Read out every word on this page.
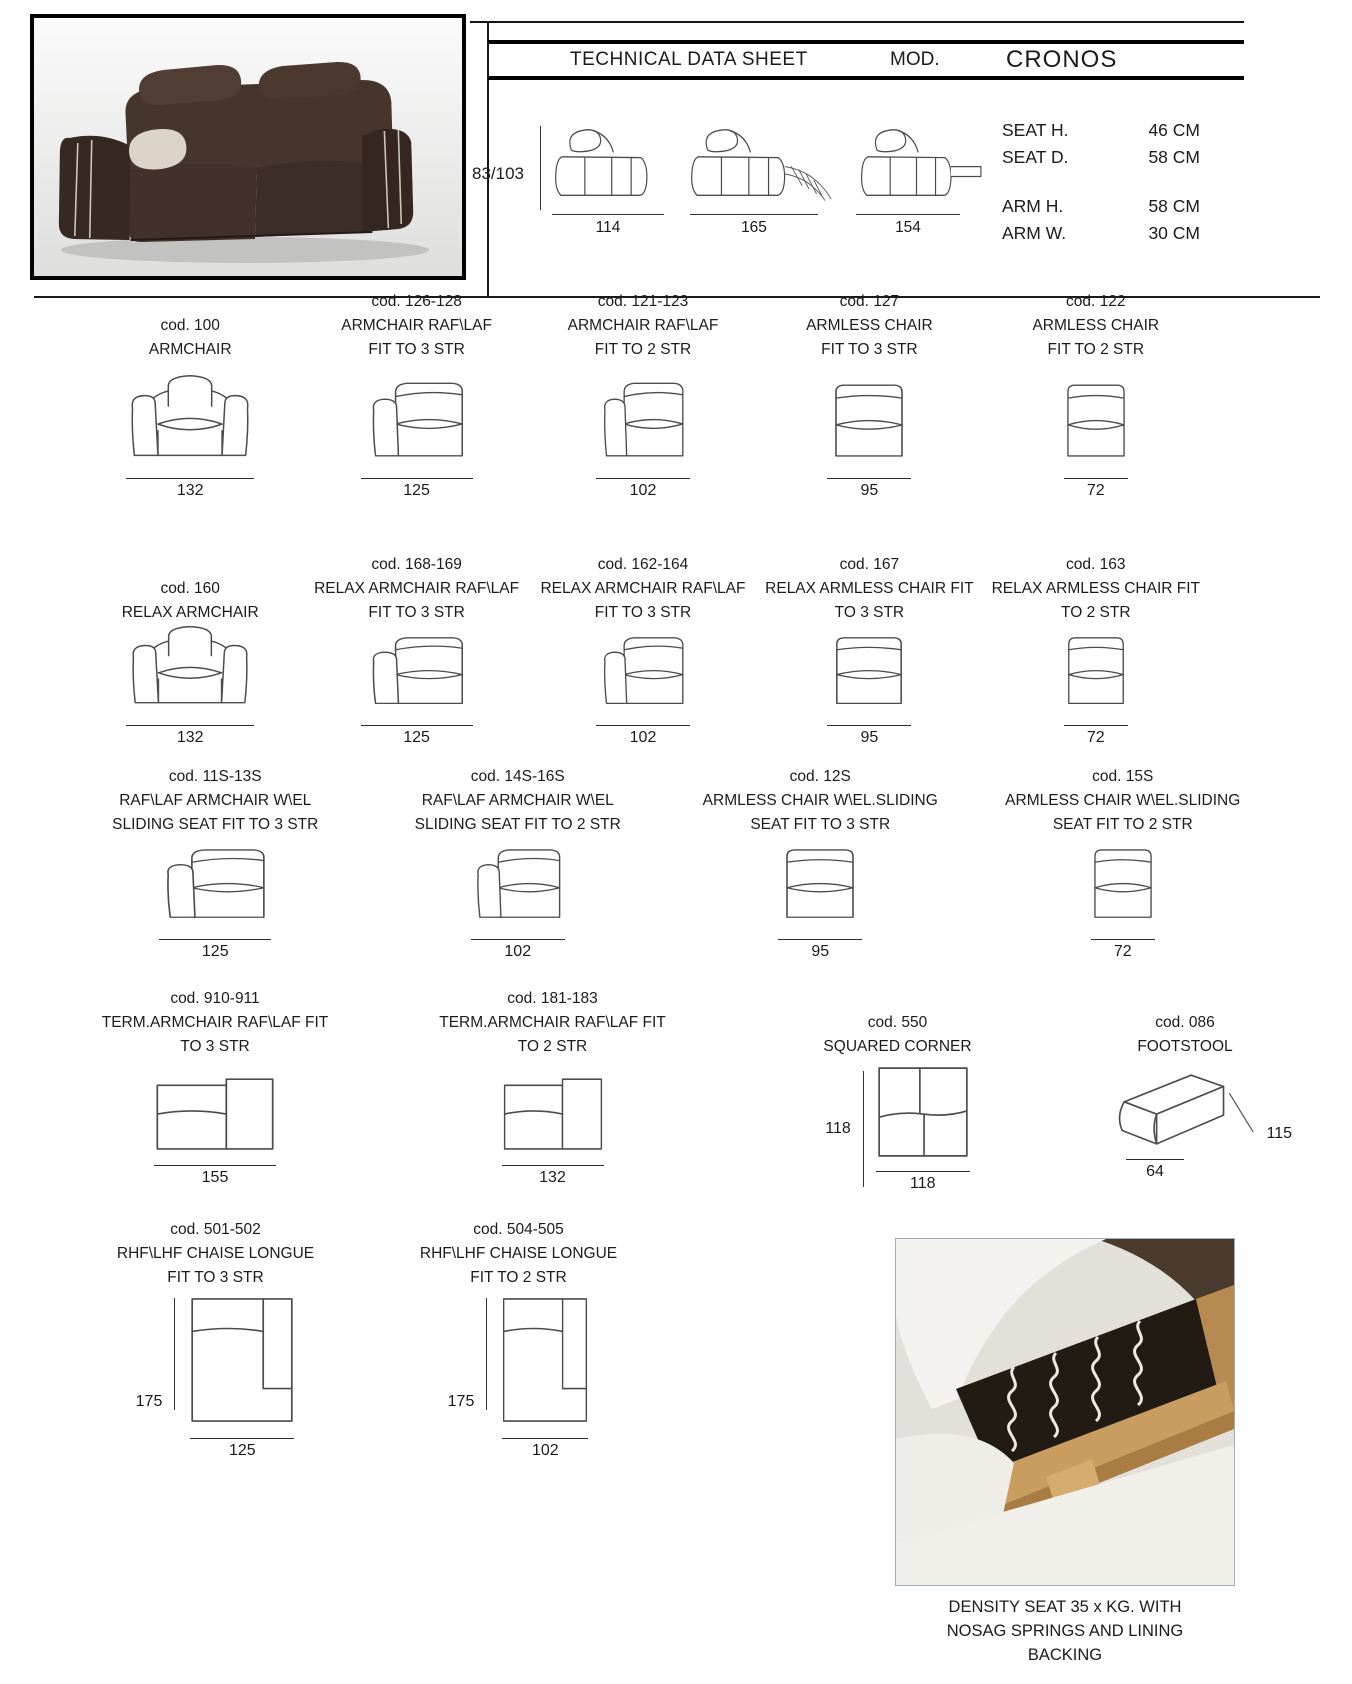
TECHNICAL DATA SHEET	MOD.	CRONOS
83/103
114	165	154
SEAT H.	46 CM
SEAT D.	58 CM
ARM H.	58 CM
ARM W.	30 CM
cod. 100
ARMCHAIR
132
cod. 126-128
ARMCHAIR RAF\LAF
FIT TO 3 STR
125
cod. 121-123
ARMCHAIR RAF\LAF
FIT TO 2 STR
102
cod. 127
ARMLESS CHAIR
FIT TO 3 STR
95
cod. 122
ARMLESS CHAIR
FIT TO 2 STR
72
cod. 160
RELAX ARMCHAIR
132
cod. 168-169
RELAX ARMCHAIR RAF\LAF
FIT TO 3 STR
125
cod. 162-164
RELAX ARMCHAIR RAF\LAF
FIT TO 3 STR
102
cod. 167
RELAX ARMLESS CHAIR FIT
TO 3 STR
95
cod. 163
RELAX ARMLESS CHAIR FIT
TO 2 STR
72
cod. 11S-13S
RAF\LAF ARMCHAIR W\EL
SLIDING SEAT FIT TO 3 STR
125
cod. 14S-16S
RAF\LAF ARMCHAIR W\EL
SLIDING SEAT FIT TO 2 STR
102
cod. 12S
ARMLESS CHAIR W\EL.SLIDING
SEAT FIT TO 3 STR
95
cod. 15S
ARMLESS CHAIR W\EL.SLIDING
SEAT FIT TO 2 STR
72
cod. 910-911
TERM.ARMCHAIR RAF\LAF FIT
TO 3 STR
155
cod. 181-183
TERM.ARMCHAIR RAF\LAF FIT
TO 2 STR
132
cod. 550
SQUARED CORNER
118
118
cod. 086
FOOTSTOOL
115
64
cod. 501-502
RHF\LHF CHAISE LONGUE
FIT TO 3 STR
175
125
cod. 504-505
RHF\LHF CHAISE LONGUE
FIT TO 2 STR
175
102
DENSITY SEAT 35 x KG. WITH
NOSAG SPRINGS AND LINING
BACKING
